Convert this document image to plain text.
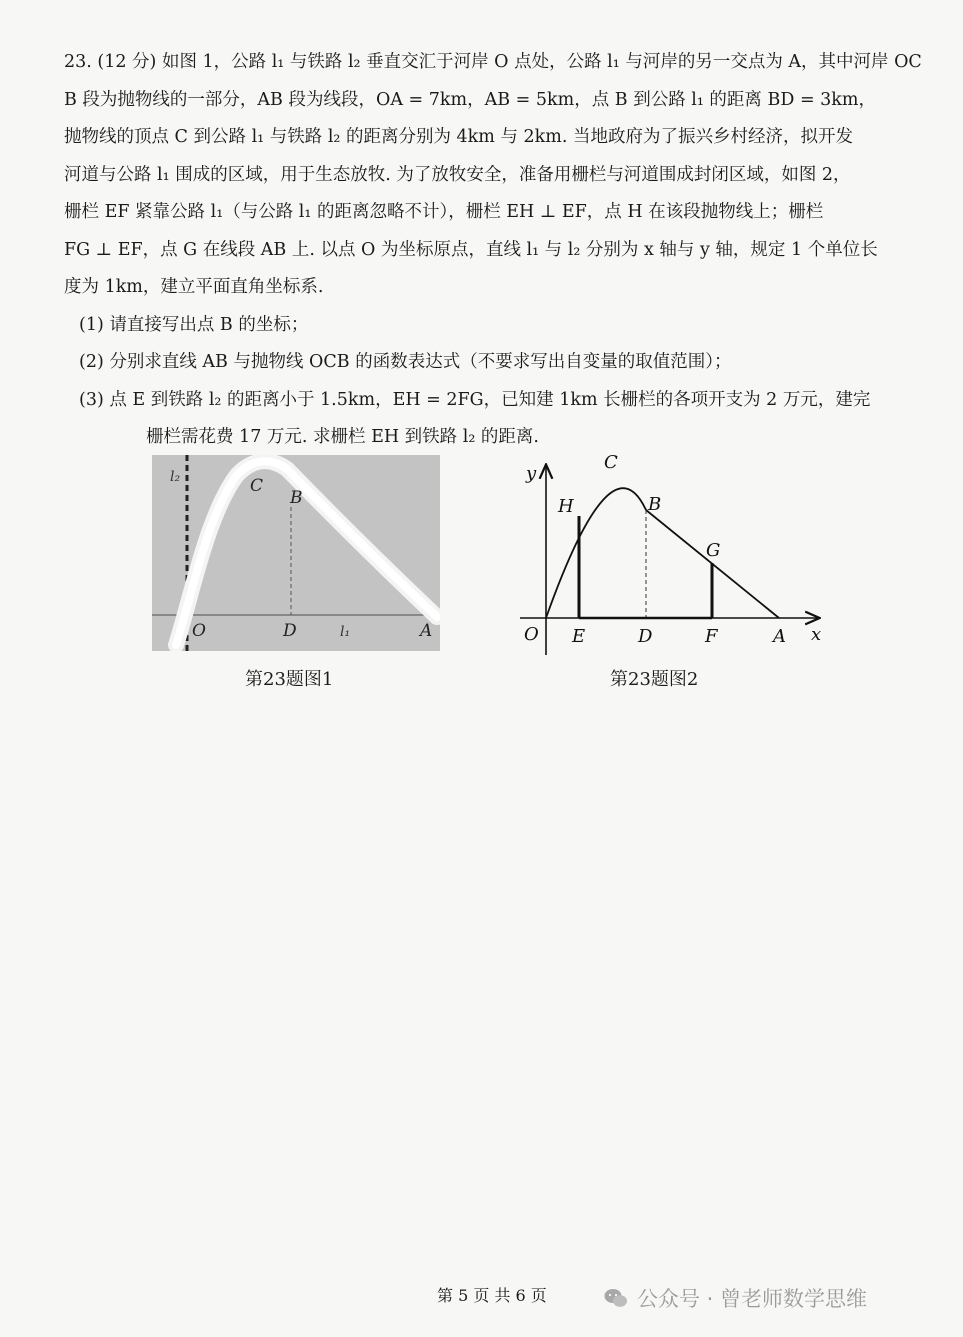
23. (12 分) 如图 1，公路 l₁ 与铁路 l₂ 垂直交汇于河岸 O 点处，公路 l₁ 与河岸的另一交点为 A，其中河岸 OC

B 段为抛物线的一部分，AB 段为线段，OA = 7km，AB = 5km，点 B 到公路 l₁ 的距离 BD = 3km，

抛物线的顶点 C 到公路 l₁ 与铁路 l₂ 的距离分别为 4km 与 2km. 当地政府为了振兴乡村经济，拟开发

河道与公路 l₁ 围成的区域，用于生态放牧. 为了放牧安全，准备用栅栏与河道围成封闭区域，如图 2，

栅栏 EF 紧靠公路 l₁（与公路 l₁ 的距离忽略不计），栅栏 EH ⊥ EF，点 H 在该段抛物线上；栅栏

FG ⊥ EF，点 G 在线段 AB 上. 以点 O 为坐标原点，直线 l₁ 与 l₂ 分别为 x 轴与 y 轴，规定 1 个单位长

度为 1km，建立平面直角坐标系.

(1) 请直接写出点 B 的坐标；

(2) 分别求直线 AB 与抛物线 OCB 的函数表达式（不要求写出自变量的取值范围）；

(3) 点 E 到铁路 l₂ 的距离小于 1.5km，EH = 2FG，已知建 1km 长栅栏的各项开支为 2 万元，建完

栅栏需花费 17 万元. 求栅栏 EH 到铁路 l₂ 的距离.

l₂	C
B
O	D	l₁	A
y
C
H	B
G
O E	D	F	A x
第23题图1	第23题图2
第 5 页 共 6 页	公众号 · 曾老师数学思维
